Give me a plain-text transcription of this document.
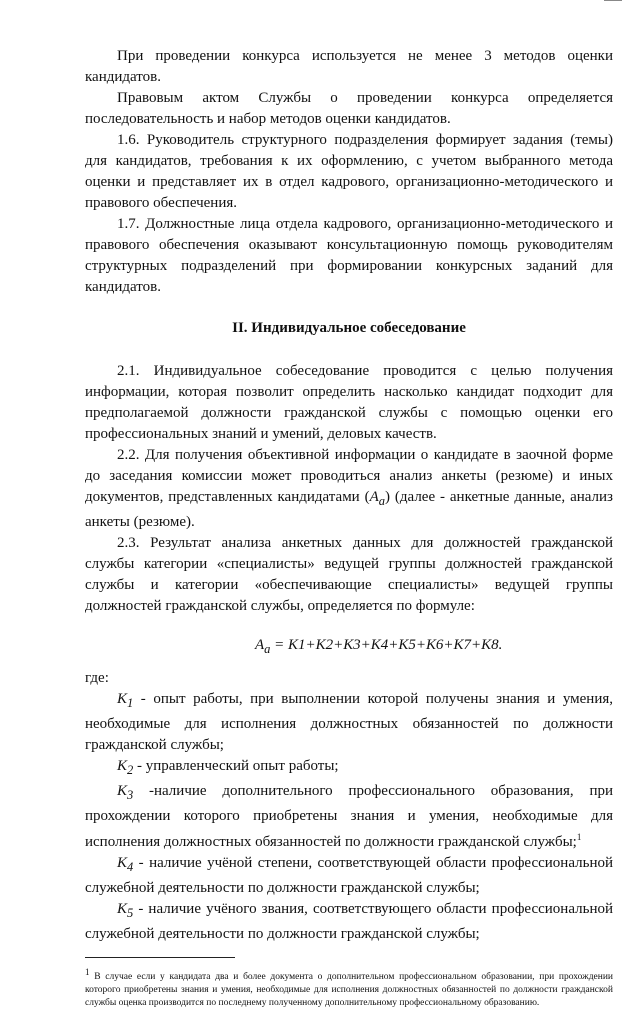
При проведении конкурса используется не менее 3 методов оценки кандидатов.

Правовым актом Службы о проведении конкурса определяется последовательность и набор методов оценки кандидатов.

1.6. Руководитель структурного подразделения формирует задания (темы) для кандидатов, требования к их оформлению, с учетом выбранного метода оценки и представляет их в отдел кадрового, организационно-методического и правового обеспечения.

1.7. Должностные лица отдела кадрового, организационно-методического и правового обеспечения оказывают консультационную помощь руководителям структурных подразделений при формировании конкурсных заданий для кандидатов.

II. Индивидуальное собеседование

2.1. Индивидуальное собеседование проводится с целью получения информации, которая позволит определить насколько кандидат подходит для предполагаемой должности гражданской службы с помощью оценки его профессиональных знаний и умений, деловых качеств.

2.2. Для получения объективной информации о кандидате в заочной форме до заседания комиссии может проводиться анализ анкеты (резюме) и иных документов, представленных кандидатами $(А_а)$ (далее - анкетные данные, анализ анкеты (резюме).

2.3. Результат анализа анкетных данных для должностей гражданской службы категории «специалисты» ведущей группы должностей гражданской службы и категории «обеспечивающие специалисты» ведущей группы должностей гражданской службы, определяется по формуле:

$А_а = К1+К2+К3+К4+К5+К6+К7+К8$.

где:

$К_1$ - опыт работы, при выполнении которой получены знания и умения, необходимые для исполнения должностных обязанностей по должности гражданской службы;

$К_2$ - управленческий опыт работы;

$К_3$ -наличие дополнительного профессионального образования, при прохождении которого приобретены знания и умения, необходимые для исполнения должностных обязанностей по должности гражданской службы;$^1$

$К_4$ - наличие учёной степени, соответствующей области профессиональной служебной деятельности по должности гражданской службы;

$К_5$ - наличие учёного звания, соответствующего области профессиональной служебной деятельности по должности гражданской службы;

$^1$ В случае если у кандидата два и более документа о дополнительном профессиональном образовании, при прохождении которого приобретены знания и умения, необходимые для исполнения должностных обязанностей по должности гражданской службы оценка производится по последнему полученному дополнительному профессиональному образованию.
